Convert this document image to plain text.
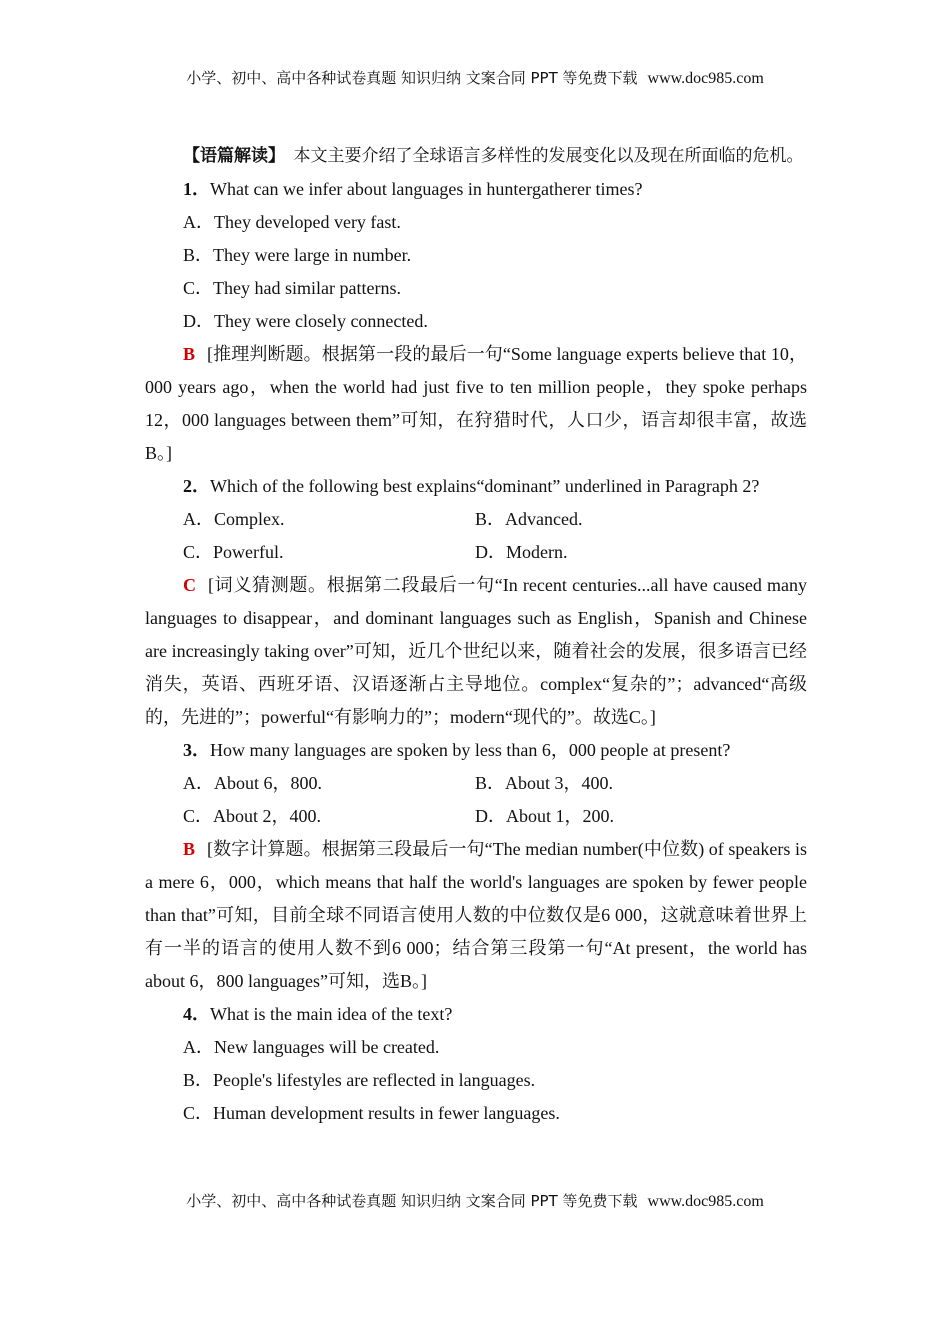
小学、初中、高中各种试卷真题 知识归纳 文案合同 PPT 等免费下载 www.doc985.com

【语篇解读】　 本文主要介绍了全球语言多样性的发展变化以及现在所面临的危机。

1．What can we infer about languages in huntergatherer times?
A．They developed very fast.
B．They were large in number.
C．They had similar patterns.
D．They were closely connected.

B [推理判断题。根据第一段的最后一句“Some language experts believe that 10，000 years ago，when the world had just five to ten million people，they spoke perhaps 12，000 languages between them”可知，在狩猎时代，人口少，语言却很丰富，故选B。]

2．Which of the following best explains“dominant” underlined in Paragraph 2?
A．Complex.	B．Advanced.
C．Powerful.	D．Modern.

C [词义猜测题。根据第二段最后一句“In recent centuries...all have caused many languages to disappear，and dominant languages such as English，Spanish and Chinese are increasingly taking over”可知，近几个世纪以来，随着社会的发展，很多语言已经消失，英语、西班牙语、汉语逐渐占主导地位。complex“复杂的”；advanced“高级的，先进的”；powerful“有影响力的”；modern“现代的”。故选C。]

3．How many languages are spoken by less than 6，000 people at present?
A．About 6，800.	B．About 3，400.
C．About 2，400.	D．About 1，200.

B [数字计算题。根据第三段最后一句“The median number(中位数) of speakers is a mere 6，000，which means that half the world's languages are spoken by fewer people than that”可知，目前全球不同语言使用人数的中位数仅是6 000，这就意味着世界上有一半的语言的使用人数不到6 000；结合第三段第一句“At present，the world has about 6，800 languages”可知，选B。]

4．What is the main idea of the text?
A．New languages will be created.
B．People's lifestyles are reflected in languages.
C．Human development results in fewer languages.
小学、初中、高中各种试卷真题 知识归纳 文案合同 PPT 等免费下载 www.doc985.com
